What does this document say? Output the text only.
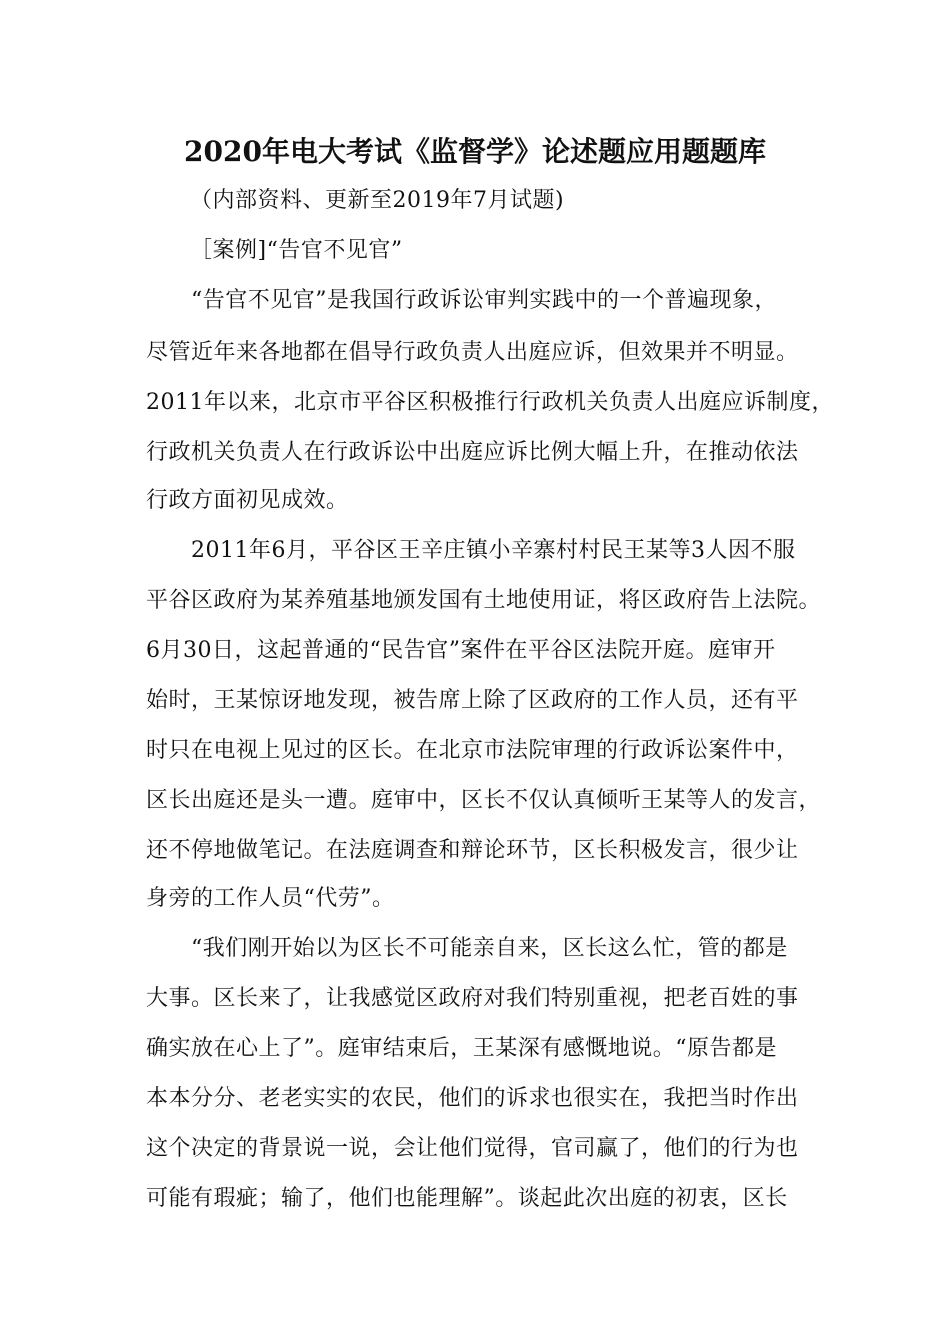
2020年电大考试《监督学》论述题应用题题库
（内部资料、更新至2019年7月试题)
［案例]“告官不见官”
　　“告官不见官”是我国行政诉讼审判实践中的一个普遍现象，
尽管近年来各地都在倡导行政负责人出庭应诉，但效果并不明显。
2011年以来，北京市平谷区积极推行行政机关负责人出庭应诉制度，
行政机关负责人在行政诉讼中出庭应诉比例大幅上升，在推动依法
行政方面初见成效。
　　2011年6月，平谷区王辛庄镇小辛寨村村民王某等3人因不服
平谷区政府为某养殖基地颁发国有土地使用证，将区政府告上法院。
6月30日，这起普通的“民告官”案件在平谷区法院开庭。庭审开
始时，王某惊讶地发现，被告席上除了区政府的工作人员，还有平
时只在电视上见过的区长。在北京市法院审理的行政诉讼案件中，
区长出庭还是头一遭。庭审中，区长不仅认真倾听王某等人的发言，
还不停地做笔记。在法庭调查和辩论环节，区长积极发言，很少让
身旁的工作人员“代劳”。
　　“我们刚开始以为区长不可能亲自来，区长这么忙，管的都是
大事。区长来了，让我感觉区政府对我们特别重视，把老百姓的事
确实放在心上了”。庭审结束后，王某深有感慨地说。“原告都是
本本分分、老老实实的农民，他们的诉求也很实在，我把当时作出
这个决定的背景说一说，会让他们觉得，官司赢了，他们的行为也
可能有瑕疵；输了，他们也能理解”。谈起此次出庭的初衷，区长
